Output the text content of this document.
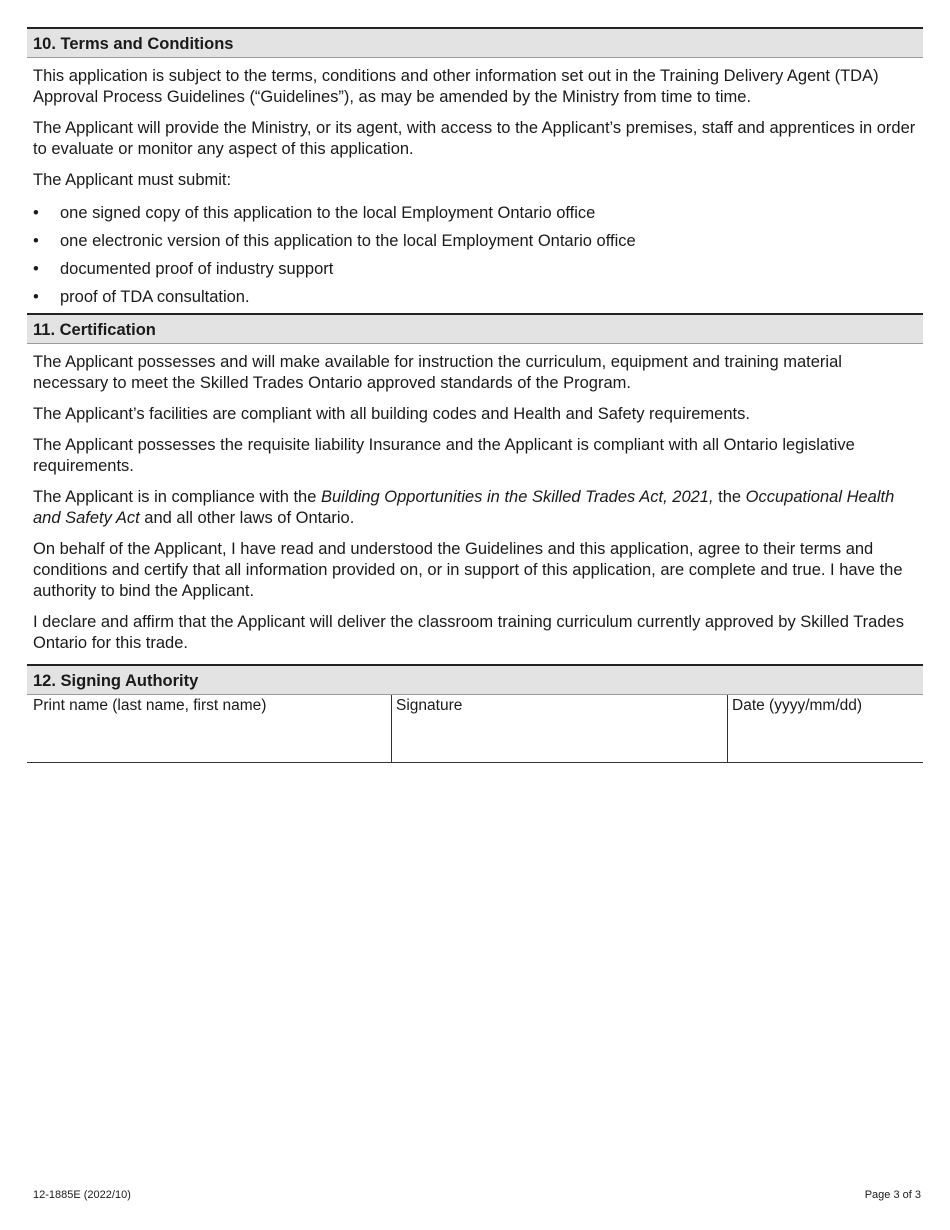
10. Terms and Conditions

This application is subject to the terms, conditions and other information set out in the Training Delivery Agent (TDA) Approval Process Guidelines (“Guidelines”), as may be amended by the Ministry from time to time.

The Applicant will provide the Ministry, or its agent, with access to the Applicant’s premises, staff and apprentices in order to evaluate or monitor any aspect of this application.

The Applicant must submit:

•	one signed copy of this application to the local Employment Ontario office
•	one electronic version of this application to the local Employment Ontario office
•	documented proof of industry support
•	proof of TDA consultation.
11. Certification

The Applicant possesses and will make available for instruction the curriculum, equipment and training material necessary to meet the Skilled Trades Ontario approved standards of the Program.

The Applicant’s facilities are compliant with all building codes and Health and Safety requirements.

The Applicant possesses the requisite liability Insurance and the Applicant is compliant with all Ontario legislative requirements.

The Applicant is in compliance with the Building Opportunities in the Skilled Trades Act, 2021, the Occupational Health and Safety Act and all other laws of Ontario.

On behalf of the Applicant, I have read and understood the Guidelines and this application, agree to their terms and conditions and certify that all information provided on, or in support of this application, are complete and true. I have the authority to bind the Applicant.

I declare and affirm that the Applicant will deliver the classroom training curriculum currently approved by Skilled Trades Ontario for this trade.

12. Signing Authority
Print name (last name, first name)	Signature	Date (yyyy/mm/dd)
12-1885E (2022/10)	Page 3 of 3
